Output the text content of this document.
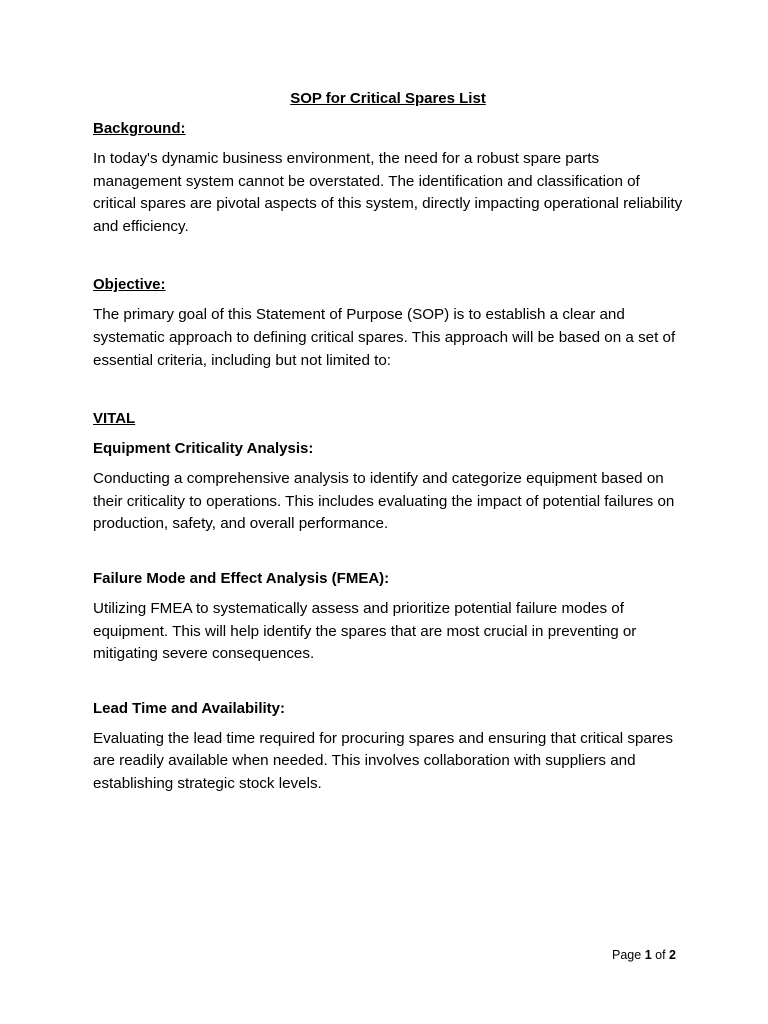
SOP for Critical Spares List
Background:

In today's dynamic business environment, the need for a robust spare parts management system cannot be overstated. The identification and classification of critical spares are pivotal aspects of this system, directly impacting operational reliability and efficiency.

Objective:

The primary goal of this Statement of Purpose (SOP) is to establish a clear and systematic approach to defining critical spares. This approach will be based on a set of essential criteria, including but not limited to:

VITAL
Equipment Criticality Analysis:

Conducting a comprehensive analysis to identify and categorize equipment based on their criticality to operations. This includes evaluating the impact of potential failures on production, safety, and overall performance.

Failure Mode and Effect Analysis (FMEA):

Utilizing FMEA to systematically assess and prioritize potential failure modes of equipment. This will help identify the spares that are most crucial in preventing or mitigating severe consequences.

Lead Time and Availability:

Evaluating the lead time required for procuring spares and ensuring that critical spares are readily available when needed. This involves collaboration with suppliers and establishing strategic stock levels.

Page 1 of 2
